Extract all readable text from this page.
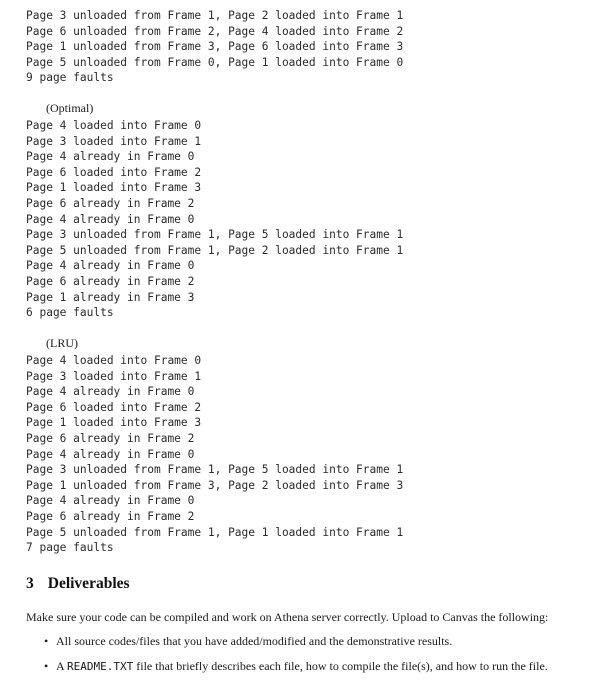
Page 3 unloaded from Frame 1, Page 2 loaded into Frame 1
Page 6 unloaded from Frame 2, Page 4 loaded into Frame 2
Page 1 unloaded from Frame 3, Page 6 loaded into Frame 3
Page 5 unloaded from Frame 0, Page 1 loaded into Frame 0
9 page faults

(Optimal)

Page 4 loaded into Frame 0
Page 3 loaded into Frame 1
Page 4 already in Frame 0
Page 6 loaded into Frame 2
Page 1 loaded into Frame 3
Page 6 already in Frame 2
Page 4 already in Frame 0
Page 3 unloaded from Frame 1, Page 5 loaded into Frame 1
Page 5 unloaded from Frame 1, Page 2 loaded into Frame 1
Page 4 already in Frame 0
Page 6 already in Frame 2
Page 1 already in Frame 3
6 page faults

(LRU)

Page 4 loaded into Frame 0
Page 3 loaded into Frame 1
Page 4 already in Frame 0
Page 6 loaded into Frame 2
Page 1 loaded into Frame 3
Page 6 already in Frame 2
Page 4 already in Frame 0
Page 3 unloaded from Frame 1, Page 5 loaded into Frame 1
Page 1 unloaded from Frame 3, Page 2 loaded into Frame 3
Page 4 already in Frame 0
Page 6 already in Frame 2
Page 5 unloaded from Frame 1, Page 1 loaded into Frame 1
7 page faults
3 Deliverables

Make sure your code can be compiled and work on Athena server correctly. Upload to Canvas the following:

• All source codes/files that you have added/modified and the demonstrative results.
• A README.TXT file that briefly describes each file, how to compile the file(s), and how to run the file.
